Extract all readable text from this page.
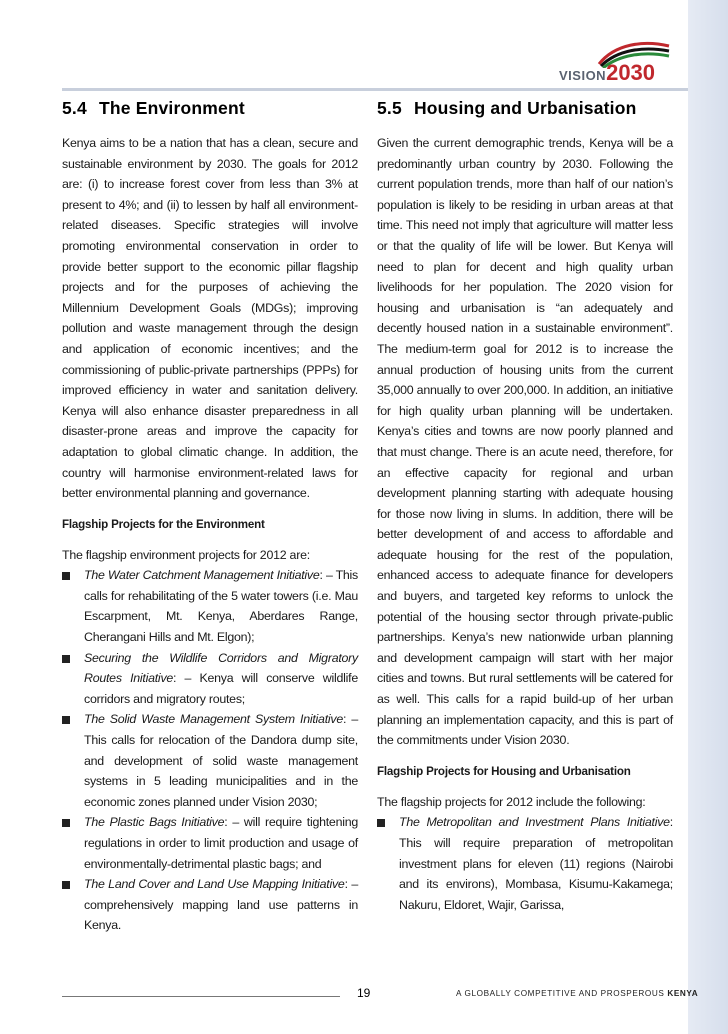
VISION2030
5.4 The Environment

Kenya aims to be a nation that has a clean, secure and sustainable environment by 2030. The goals for 2012 are: (i) to increase forest cover from less than 3% at present to 4%; and (ii) to lessen by half all environment-related diseases. Specific strategies will involve promoting environmental conservation in order to provide better support to the economic pillar flagship projects and for the purposes of achieving the Millennium Development Goals (MDGs); improving pollution and waste management through the design and application of economic incentives; and the commissioning of public-private partnerships (PPPs) for improved efficiency in water and sanitation delivery. Kenya will also enhance disaster preparedness in all disaster-prone areas and improve the capacity for adaptation to global climatic change. In addition, the country will harmonise environment-related laws for better environmental planning and governance.

Flagship Projects for the Environment

The flagship environment projects for 2012 are:

The Water Catchment Management Initiative: – This calls for rehabilitating of the 5 water towers (i.e. Mau Escarpment, Mt. Kenya, Aberdares Range, Cherangani Hills and Mt. Elgon);
Securing the Wildlife Corridors and Migratory Routes Initiative: – Kenya will conserve wildlife corridors and migratory routes;
The Solid Waste Management System Initiative: – This calls for relocation of the Dandora dump site, and development of solid waste management systems in 5 leading municipalities and in the economic zones planned under Vision 2030;
The Plastic Bags Initiative: – will require tightening regulations in order to limit production and usage of environmentally-detrimental plastic bags; and
The Land Cover and Land Use Mapping Initiative: – comprehensively mapping land use patterns in Kenya.
5.5 Housing and Urbanisation

Given the current demographic trends, Kenya will be a predominantly urban country by 2030. Following the current population trends, more than half of our nation’s population is likely to be residing in urban areas at that time. This need not imply that agriculture will matter less or that the quality of life will be lower. But Kenya will need to plan for decent and high quality urban livelihoods for her population. The 2020 vision for housing and urbanisation is “an adequately and decently housed nation in a sustainable environment”. The medium-term goal for 2012 is to increase the annual production of housing units from the current 35,000 annually to over 200,000. In addition, an initiative for high quality urban planning will be undertaken. Kenya’s cities and towns are now poorly planned and that must change. There is an acute need, therefore, for an effective capacity for regional and urban development planning starting with adequate housing for those now living in slums. In addition, there will be better development of and access to affordable and adequate housing for the rest of the population, enhanced access to adequate finance for developers and buyers, and targeted key reforms to unlock the potential of the housing sector through private-public partnerships. Kenya’s new nationwide urban planning and development campaign will start with her major cities and towns. But rural settlements will be catered for as well. This calls for a rapid build-up of her urban planning an implementation capacity, and this is part of the commitments under Vision 2030.

Flagship Projects for Housing and Urbanisation

The flagship projects for 2012 include the following:

The Metropolitan and Investment Plans Initiative: This will require preparation of metropolitan investment plans for eleven (11) regions (Nairobi and its environs), Mombasa, Kisumu-Kakamega; Nakuru, Eldoret, Wajir, Garissa,
19	A GLOBALLY COMPETITIVE AND PROSPEROUS KENYA
